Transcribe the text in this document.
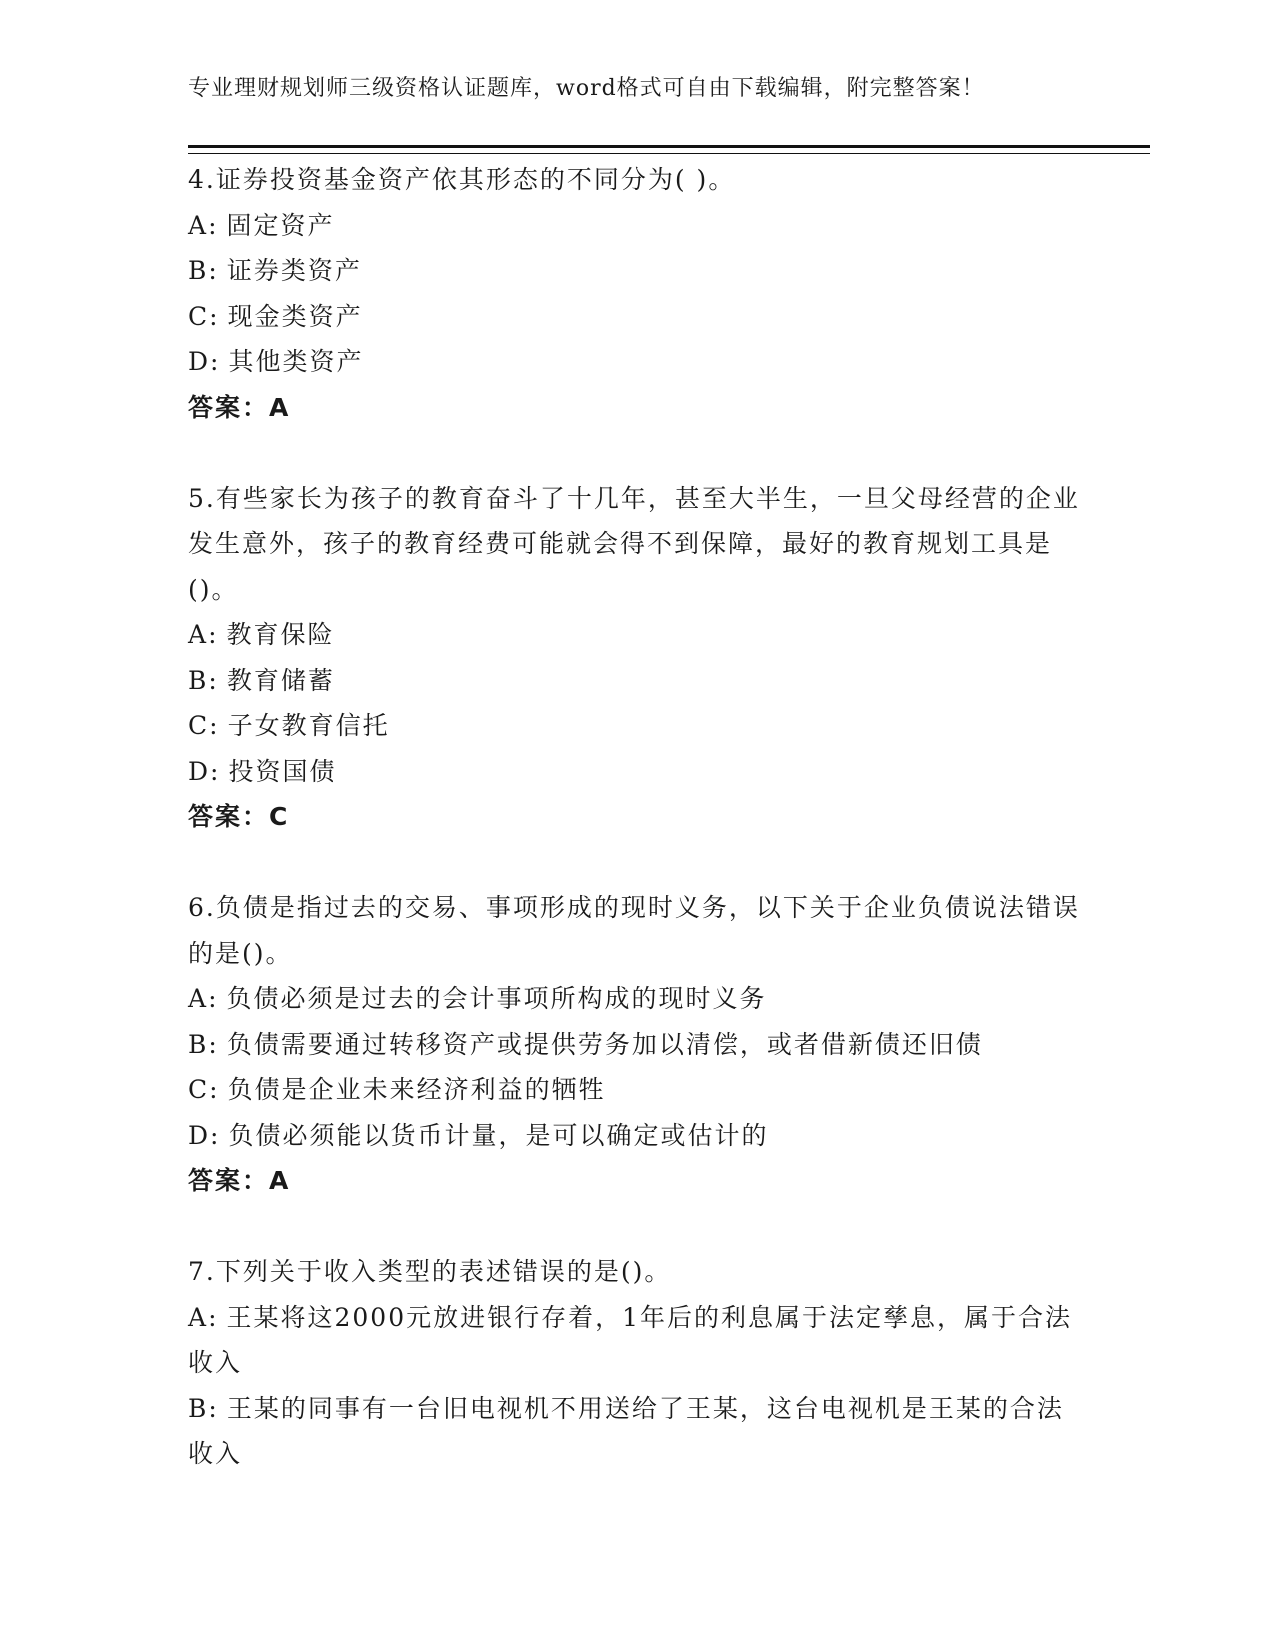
专业理财规划师三级资格认证题库，word格式可自由下载编辑，附完整答案！

4.证券投资基金资产依其形态的不同分为( )。

A: 固定资产

B: 证券类资产

C: 现金类资产

D: 其他类资产

答案：A

5.有些家长为孩子的教育奋斗了十几年，甚至大半生，一旦父母经营的企业发生意外，孩子的教育经费可能就会得不到保障，最好的教育规划工具是()。

A: 教育保险

B: 教育储蓄

C: 子女教育信托

D: 投资国债

答案：C

6.负债是指过去的交易、事项形成的现时义务，以下关于企业负债说法错误的是()。

A: 负债必须是过去的会计事项所构成的现时义务

B: 负债需要通过转移资产或提供劳务加以清偿，或者借新债还旧债

C: 负债是企业未来经济利益的牺牲

D: 负债必须能以货币计量，是可以确定或估计的

答案：A

7.下列关于收入类型的表述错误的是()。

A: 王某将这2000元放进银行存着，1年后的利息属于法定孳息，属于合法收入

B: 王某的同事有一台旧电视机不用送给了王某，这台电视机是王某的合法收入
